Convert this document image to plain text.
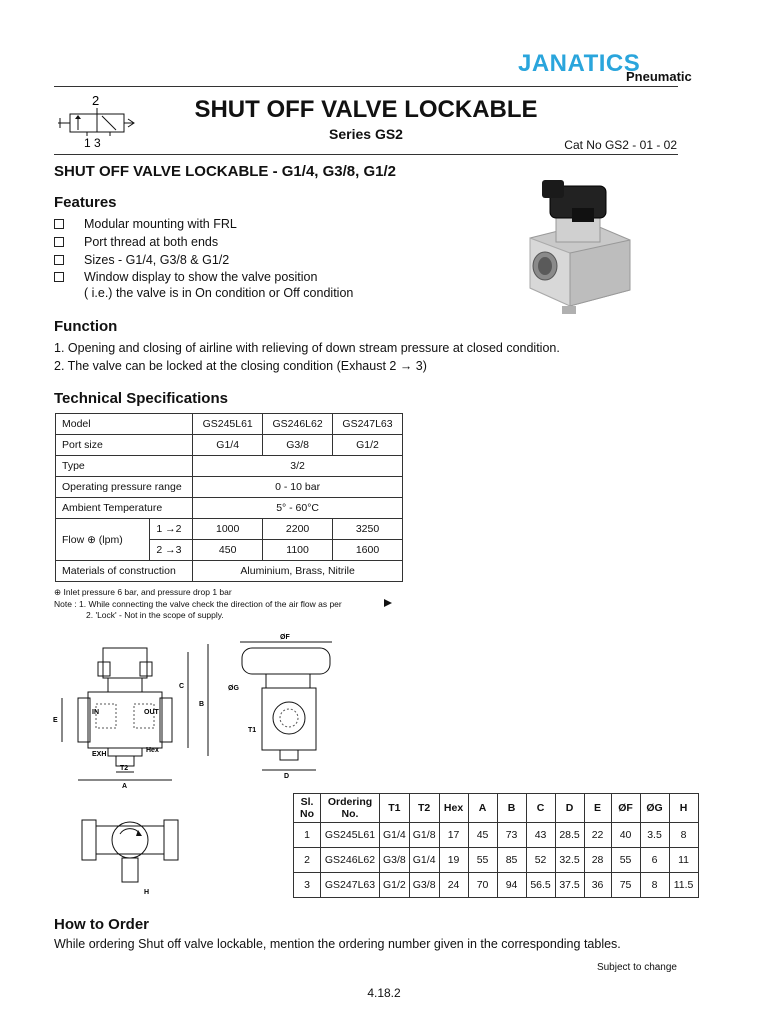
JANATICS
Pneumatic
2
1 3
SHUT OFF VALVE LOCKABLE
Series GS2
Cat No GS2 - 01 - 02
SHUT OFF VALVE LOCKABLE - G1/4, G3/8, G1/2
Features
Modular mounting with FRL
Port thread at both ends
Sizes - G1/4, G3/8 & G1/2
Window display to show the valve position
( i.e.) the valve is in On condition or Off condition
Function
1. Opening and closing of airline with relieving of down stream pressure at closed condition.
2. The valve can be locked at the closing condition (Exhaust 2 → 3)
Technical Specifications
Model		GS245L61	GS246L62	GS247L63
Port size		G1/4	G3/8	G1/2
Type		3/2		
Operating pressure range		0 - 10 bar		
Ambient Temperature		5° - 60°C		
Flow ⊕ (lpm)	1 →2	1000	2200	3250
	2 →3	450	1100	1600
Materials of construction		Aluminium, Brass, Nitrile		
⊕ Inlet pressure 6 bar, and pressure drop 1 bar
Note : 1. While connecting the valve check the direction of the air flow as per
2. 'Lock' - Not in the scope of supply.
C
B
E
IN	OUT
EXH
Hex
T2
A
ØF
ØG
T1
D
H
Sl. No	Ordering No.	T1	T2	Hex	A	B	C	D	E	ØF	ØG	H
1	GS245L61	G1/4	G1/8	17	45	73	43	28.5	22	40	3.5	8
2	GS246L62	G3/8	G1/4	19	55	85	52	32.5	28	55	6	11
3	GS247L63	G1/2	G3/8	24	70	94	56.5	37.5	36	75	8	11.5
How to Order
While ordering Shut off valve lockable, mention the ordering number given in the corresponding tables.
Subject to change
4.18.2
